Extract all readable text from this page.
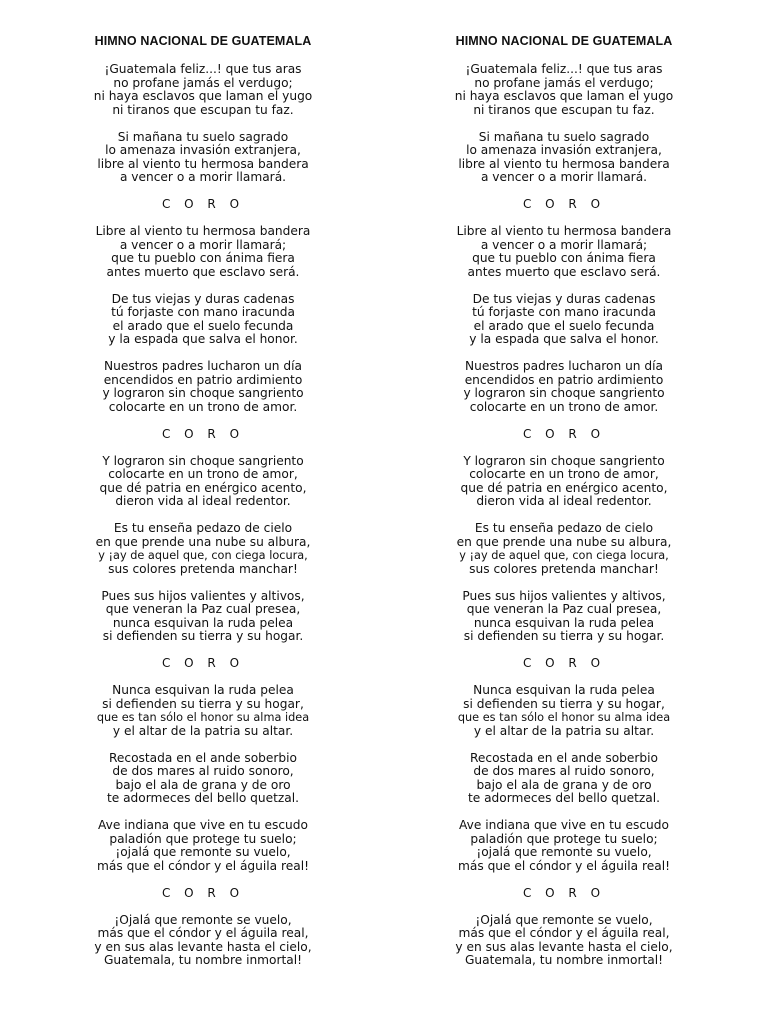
HIMNO NACIONAL DE GUATEMALA
¡Guatemala feliz...! que tus aras
no profane jamás el verdugo;
ni haya esclavos que laman el yugo
ni tiranos que escupan tu faz.
Si mañana tu suelo sagrado
lo amenaza invasión extranjera,
libre al viento tu hermosa bandera
a vencer o a morir llamará.
C O R O
Libre al viento tu hermosa bandera
a vencer o a morir llamará;
que tu pueblo con ánima fiera
antes muerto que esclavo será.
De tus viejas y duras cadenas
tú forjaste con mano iracunda
el arado que el suelo fecunda
y la espada que salva el honor.
Nuestros padres lucharon un día
encendidos en patrio ardimiento
y lograron sin choque sangriento
colocarte en un trono de amor.
C O R O
Y lograron sin choque sangriento
colocarte en un trono de amor,
que dé patria en enérgico acento,
dieron vida al ideal redentor.
Es tu enseña pedazo de cielo
en que prende una nube su albura,
y ¡ay de aquel que, con ciega locura,
sus colores pretenda manchar!
Pues sus hijos valientes y altivos,
que veneran la Paz cual presea,
nunca esquivan la ruda pelea
si defienden su tierra y su hogar.
C O R O
Nunca esquivan la ruda pelea
si defienden su tierra y su hogar,
que es tan sólo el honor su alma idea
y el altar de la patria su altar.
Recostada en el ande soberbio
de dos mares al ruido sonoro,
bajo el ala de grana y de oro
te adormeces del bello quetzal.
Ave indiana que vive en tu escudo
paladión que protege tu suelo;
¡ojalá que remonte su vuelo,
más que el cóndor y el águila real!
C O R O
¡Ojalá que remonte se vuelo,
más que el cóndor y el águila real,
y en sus alas levante hasta el cielo,
Guatemala, tu nombre inmortal!
HIMNO NACIONAL DE GUATEMALA
¡Guatemala feliz...! que tus aras
no profane jamás el verdugo;
ni haya esclavos que laman el yugo
ni tiranos que escupan tu faz.
Si mañana tu suelo sagrado
lo amenaza invasión extranjera,
libre al viento tu hermosa bandera
a vencer o a morir llamará.
C O R O
Libre al viento tu hermosa bandera
a vencer o a morir llamará;
que tu pueblo con ánima fiera
antes muerto que esclavo será.
De tus viejas y duras cadenas
tú forjaste con mano iracunda
el arado que el suelo fecunda
y la espada que salva el honor.
Nuestros padres lucharon un día
encendidos en patrio ardimiento
y lograron sin choque sangriento
colocarte en un trono de amor.
C O R O
Y lograron sin choque sangriento
colocarte en un trono de amor,
que dé patria en enérgico acento,
dieron vida al ideal redentor.
Es tu enseña pedazo de cielo
en que prende una nube su albura,
y ¡ay de aquel que, con ciega locura,
sus colores pretenda manchar!
Pues sus hijos valientes y altivos,
que veneran la Paz cual presea,
nunca esquivan la ruda pelea
si defienden su tierra y su hogar.
C O R O
Nunca esquivan la ruda pelea
si defienden su tierra y su hogar,
que es tan sólo el honor su alma idea
y el altar de la patria su altar.
Recostada en el ande soberbio
de dos mares al ruido sonoro,
bajo el ala de grana y de oro
te adormeces del bello quetzal.
Ave indiana que vive en tu escudo
paladión que protege tu suelo;
¡ojalá que remonte su vuelo,
más que el cóndor y el águila real!
C O R O
¡Ojalá que remonte se vuelo,
más que el cóndor y el águila real,
y en sus alas levante hasta el cielo,
Guatemala, tu nombre inmortal!
